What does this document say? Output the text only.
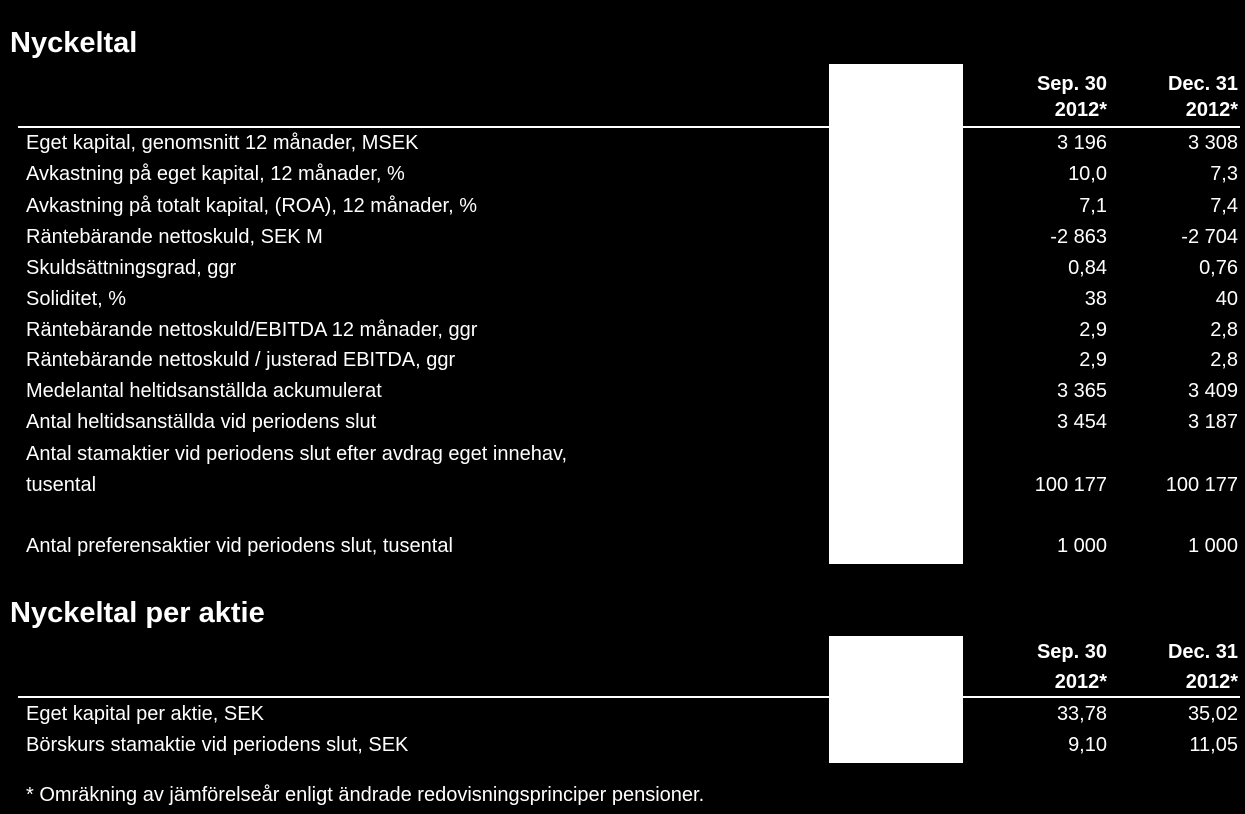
Nyckeltal
Sep. 30
2012*
Dec. 31
2012*
Eget kapital, genomsnitt 12 månader, MSEK	3 196	3 308
Avkastning på eget kapital, 12 månader, %	10,0	7,3
Avkastning på totalt kapital, (ROA), 12 månader, %	7,1	7,4
Räntebärande nettoskuld, SEK M	-2 863	-2 704
Skuldsättningsgrad, ggr	0,84	0,76
Soliditet, %	38	40
Räntebärande nettoskuld/EBITDA 12 månader, ggr	2,9	2,8
Räntebärande nettoskuld / justerad EBITDA, ggr	2,9	2,8
Medelantal heltidsanställda ackumulerat	3 365	3 409
Antal heltidsanställda vid periodens slut	3 454	3 187
Antal stamaktier vid periodens slut efter avdrag eget innehav,
tusental	100 177	100 177
Antal preferensaktier vid periodens slut, tusental	1 000	1 000
Nyckeltal per aktie
Sep. 30
2012*
Dec. 31
2012*
Eget kapital per aktie, SEK	33,78	35,02
Börskurs stamaktie vid periodens slut, SEK	9,10	11,05
* Omräkning av jämförelseår enligt ändrade redovisningsprinciper pensioner.
